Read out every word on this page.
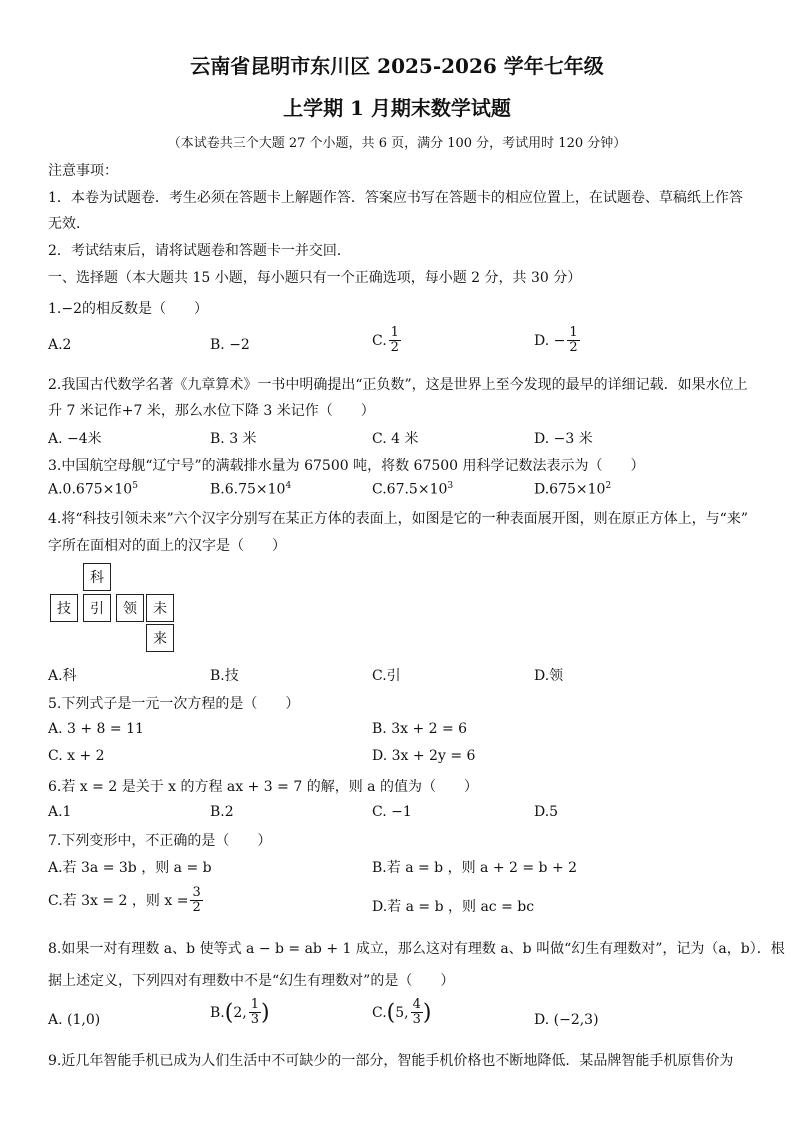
云南省昆明市东川区 2025-2026 学年七年级
上学期 1 月期末数学试题
（本试卷共三个大题 27 个小题，共 6 页，满分 100 分，考试用时 120 分钟）
注意事项：
1．本卷为试题卷．考生必须在答题卡上解题作答．答案应书写在答题卡的相应位置上，在试题卷、草稿纸上作答
无效．
2．考试结束后，请将试题卷和答题卡一并交回．
一、选择题（本大题共 15 小题，每小题只有一个正确选项，每小题 2 分，共 30 分）
1.−2的相反数是（　　）
A.2	B. −2	C. $\frac{1}{2}$	D. − $\frac{1}{2}$
2.我国古代数学名著《九章算术》一书中明确提出“正负数”，这是世界上至今发现的最早的详细记载．如果水位上
升 7 米记作+7 米，那么水位下降 3 米记作（　　）
A. −4米	B. 3 米	C. 4 米	D. −3 米
3.中国航空母舰“辽宁号”的满载排水量为 67500 吨，将数 67500 用科学记数法表示为（　　）
$A.0.675\times 10^5$	$B.6.75\times 10^4$	$C.67.5\times 10^3$	$D.675\times 10^2$
4.将“科技引领未来”六个汉字分别写在某正方体的表面上，如图是它的一种表面展开图，则在原正方体上，与“来”
字所在面相对的面上的汉字是（　　）
科
技	引	领	未
来
A.科	B.技	C.引	D.领
5.下列式子是一元一次方程的是（　　）
A. 3 + 8 = 11	B. 3x + 2 = 6
C. x + 2	D. 3x + 2y = 6
6.若 x = 2 是关于 x 的方程 ax + 3 = 7 的解，则 a 的值为（　　）
A.1	B.2	C. −1	D.5
7.下列变形中，不正确的是（　　）
A.若 3a = 3b ，则 a = b	B.若 a = b ，则 a + 2 = b + 2
C.若 3x = 2 ，则 $x = \frac{3}{2}$	D.若 a = b ，则 ac = bc
8.如果一对有理数 a、b 使等式 a − b = ab + 1 成立，那么这对有理数 a、b 叫做“幻生有理数对”，记为（a，b）．根
据上述定义，下列四对有理数中不是“幻生有理数对”的是（　　）
A. (1,0)	B.(2, $\frac{1}{3}$ )	C.(5, $\frac{4}{3}$ )	D. (−2,3)
9.近几年智能手机已成为人们生活中不可缺少的一部分，智能手机价格也不断地降低．某品牌智能手机原售价为
